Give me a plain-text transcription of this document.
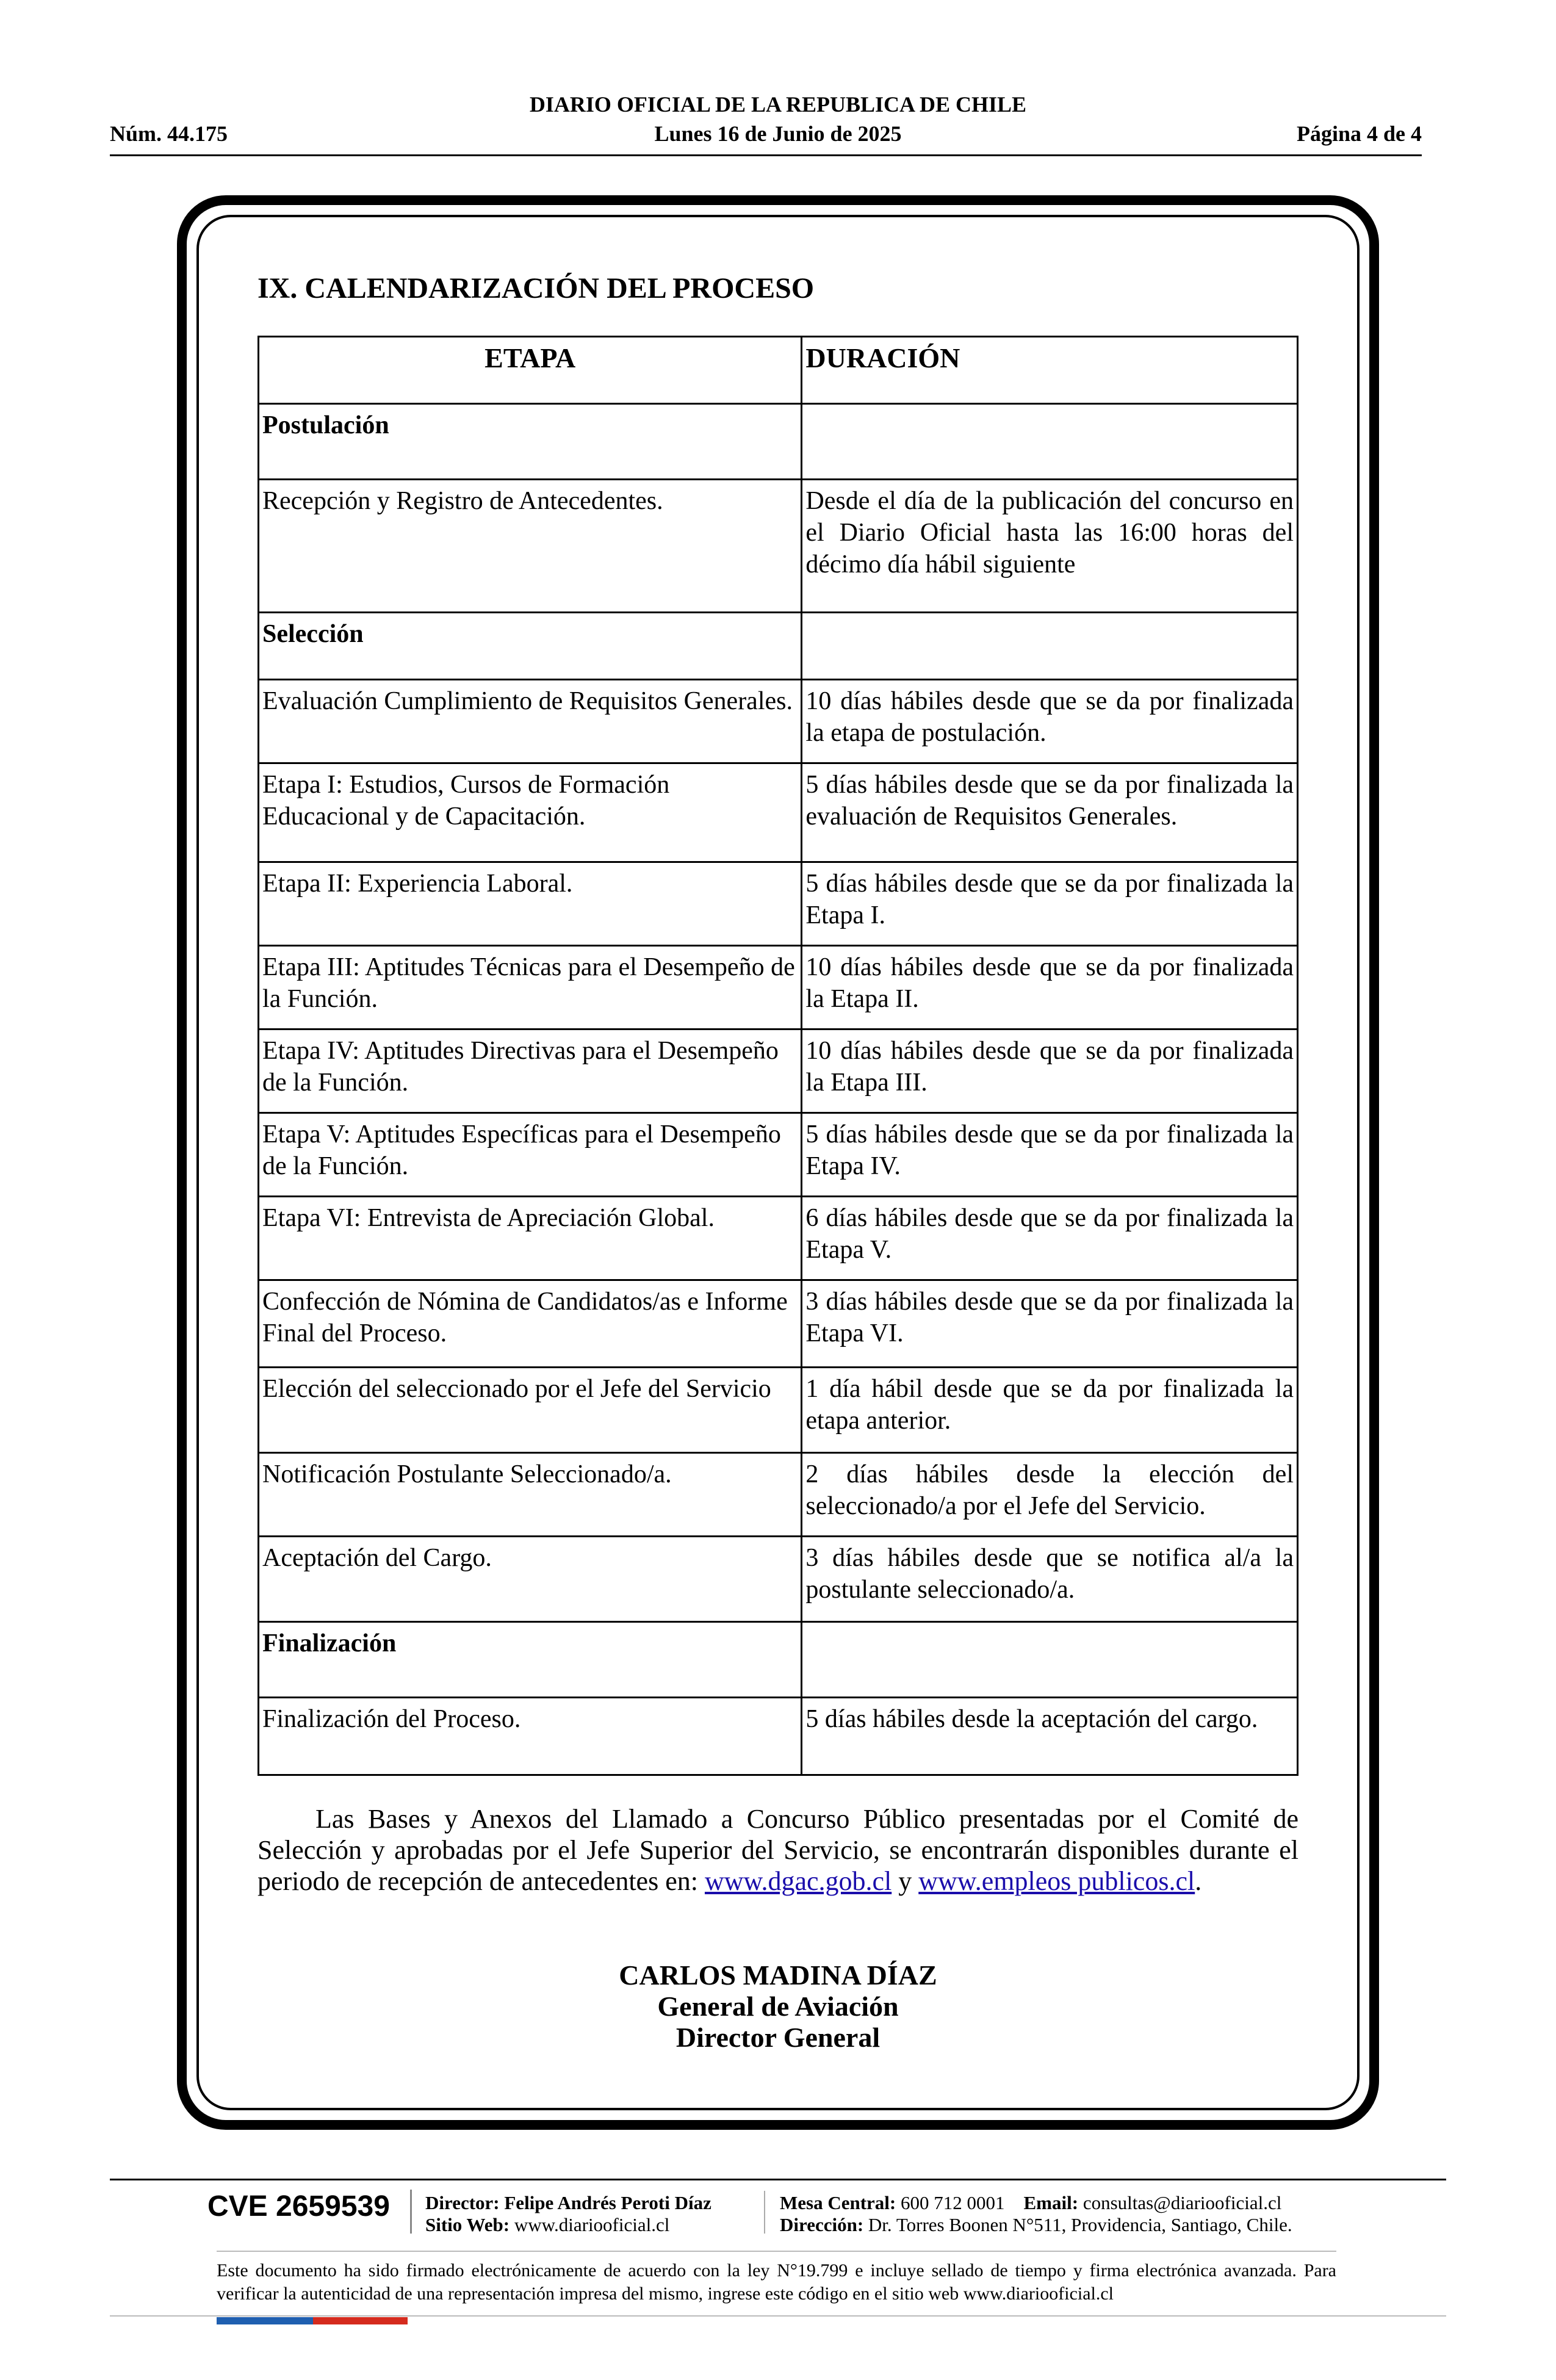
DIARIO OFICIAL DE LA REPUBLICA DE CHILE
Núm. 44.175	Lunes 16 de Junio de 2025	Página 4 de 4
IX. CALENDARIZACIÓN DEL PROCESO
ETAPA	DURACIÓN
Postulación	
Recepción y Registro de Antecedentes.	Desde el día de la publicación del concurso en el Diario Oficial hasta las 16:00 horas del décimo día hábil siguiente
Selección	
Evaluación Cumplimiento de Requisitos Generales.	10 días hábiles desde que se da por finalizada la etapa de postulación.
Etapa I: Estudios, Cursos de Formación Educacional y de Capacitación.	5 días hábiles desde que se da por finalizada la evaluación de Requisitos Generales.
Etapa II: Experiencia Laboral.	5 días hábiles desde que se da por finalizada la Etapa I.
Etapa III: Aptitudes Técnicas para el Desempeño de la Función.	10 días hábiles desde que se da por finalizada la Etapa II.
Etapa IV: Aptitudes Directivas para el Desempeño de la Función.	10 días hábiles desde que se da por finalizada la Etapa III.
Etapa V: Aptitudes Específicas para el Desempeño de la Función.	5 días hábiles desde que se da por finalizada la Etapa IV.
Etapa VI: Entrevista de Apreciación Global.	6 días hábiles desde que se da por finalizada la Etapa V.
Confección de Nómina de Candidatos/as e Informe Final del Proceso.	3 días hábiles desde que se da por finalizada la Etapa VI.
Elección del seleccionado por el Jefe del Servicio	1 día hábil desde que se da por finalizada la etapa anterior.
Notificación Postulante Seleccionado/a.	2 días hábiles desde la elección del seleccionado/a por el Jefe del Servicio.
Aceptación del Cargo.	3 días hábiles desde que se notifica al/a la postulante seleccionado/a.
Finalización	
Finalización del Proceso.	5 días hábiles desde la aceptación del cargo.

Las Bases y Anexos del Llamado a Concurso Público presentadas por el Comité de Selección y aprobadas por el Jefe Superior del Servicio, se encontrarán disponibles durante el periodo de recepción de antecedentes en: www.dgac.gob.cl y www.empleos publicos.cl.

CARLOS MADINA DÍAZ
General de Aviación
Director General
CVE 2659539 Director: Felipe Andrés Peroti Díaz
Sitio Web: www.diariooficial.cl
Mesa Central: 600 712 0001 Email: consultas@diariooficial.cl
Dirección: Dr. Torres Boonen N°511, Providencia, Santiago, Chile.
Este documento ha sido firmado electrónicamente de acuerdo con la ley N°19.799 e incluye sellado de tiempo y firma electrónica avanzada. Para verificar la autenticidad de una representación impresa del mismo, ingrese este código en el sitio web www.diariooficial.cl
